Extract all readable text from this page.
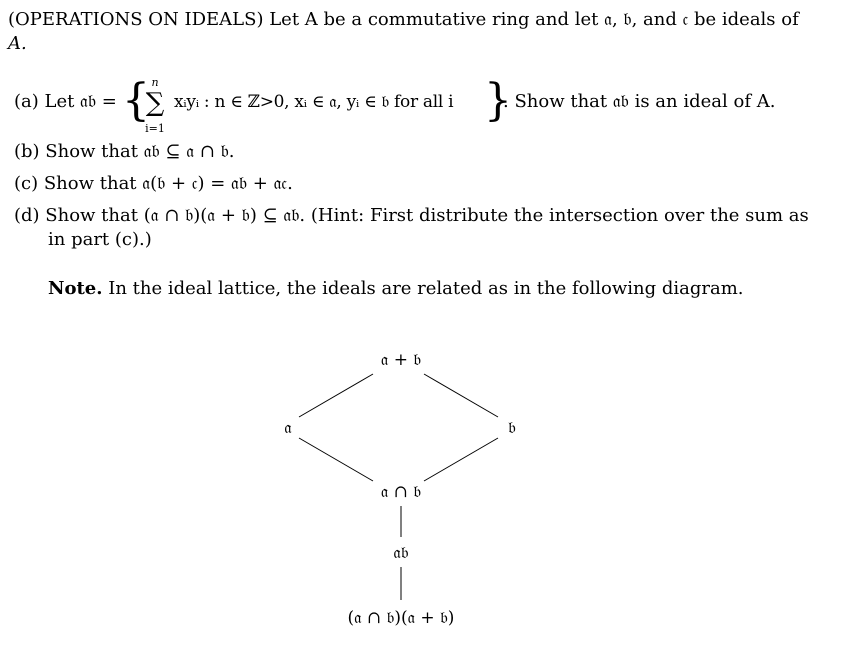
(OPERATIONS ON IDEALS) Let A be a commutative ring and let 𝔞, 𝔟, and 𝔠 be ideals of
A.
(a) Let 𝔞𝔟 = { n
∑
i=1
xᵢyᵢ : n ∈ ℤ>0, xᵢ ∈ 𝔞, yᵢ ∈ 𝔟 for all i }
. Show that 𝔞𝔟 is an ideal of A.
(b) Show that 𝔞𝔟 ⊆ 𝔞 ∩ 𝔟.
(c) Show that 𝔞(𝔟 + 𝔠) = 𝔞𝔟 + 𝔞𝔠.
(d) Show that (𝔞 ∩ 𝔟)(𝔞 + 𝔟) ⊆ 𝔞𝔟. (Hint: First distribute the intersection over the sum as
in part (c).)
Note. In the ideal lattice, the ideals are related as in the following diagram.
𝔞 + 𝔟
𝔞	𝔟
𝔞 ∩ 𝔟
𝔞𝔟
(𝔞 ∩ 𝔟)(𝔞 + 𝔟)
